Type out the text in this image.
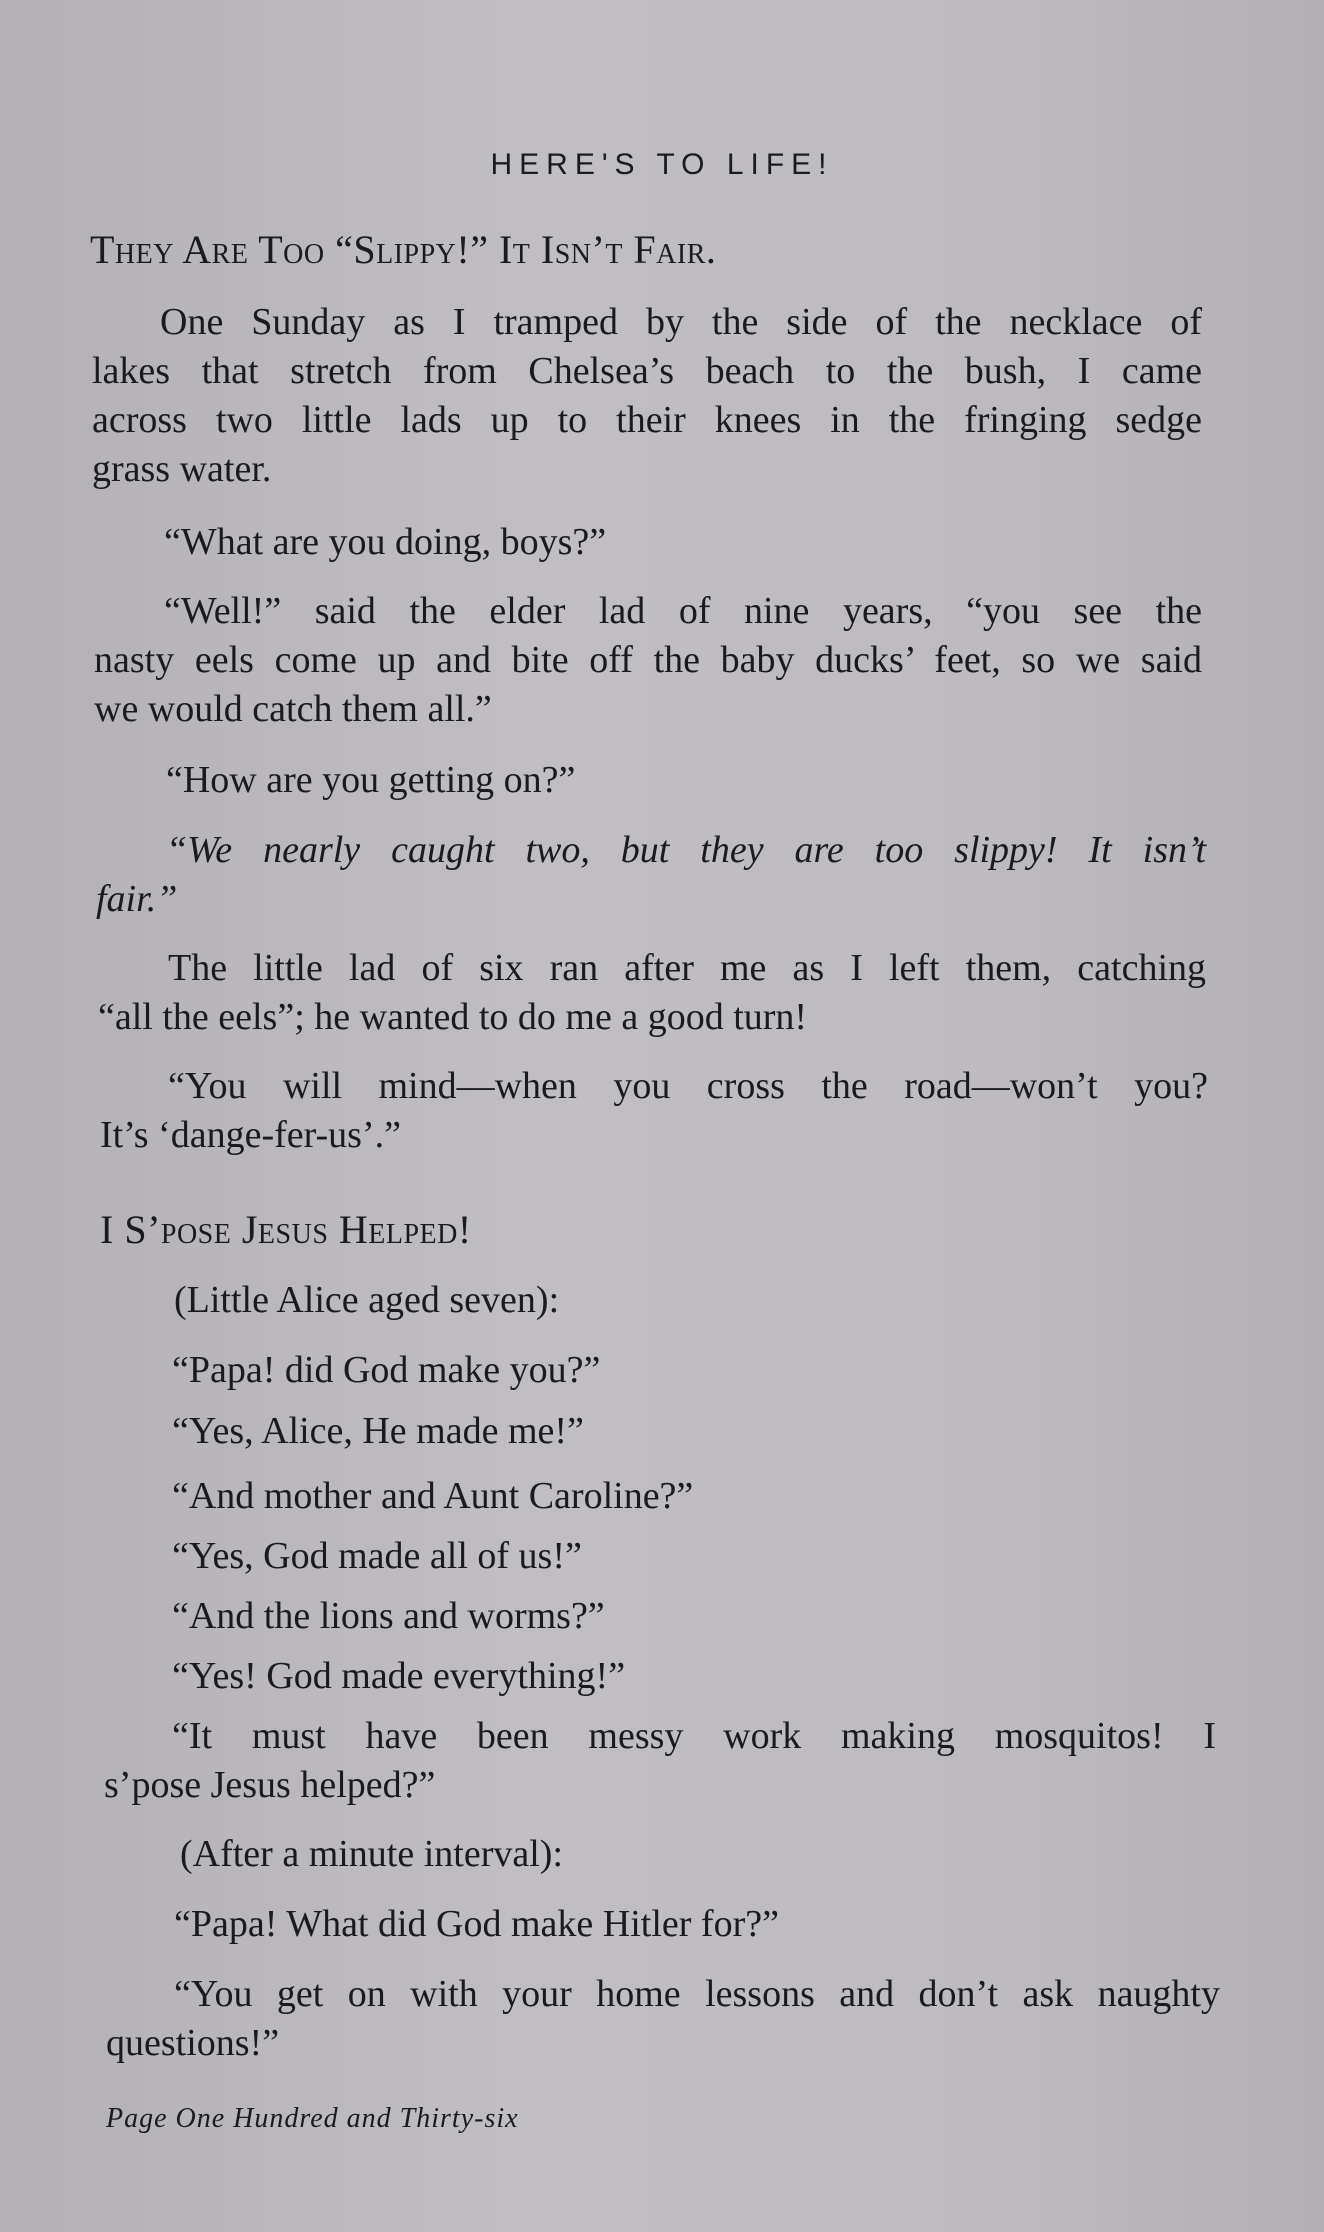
HERE'S TO LIFE!
They Are Too “Slippy!” It Isn’t Fair.
One Sunday as I tramped by the side of the necklace of
lakes that stretch from Chelsea’s beach to the bush, I came
across two little lads up to their knees in the fringing sedge
grass water.
“What are you doing, boys?”
“Well!” said the elder lad of nine years, “you see the
nasty eels come up and bite off the baby ducks’ feet, so we said
we would catch them all.”
“How are you getting on?”
“We nearly caught two, but they are too slippy! It isn’t
fair.”
The little lad of six ran after me as I left them, catching
“all the eels”; he wanted to do me a good turn!
“You will mind—when you cross the road—won’t you?
It’s ‘dange-fer-us’.”
I S’pose Jesus Helped!
(Little Alice aged seven):
“Papa! did God make you?”
“Yes, Alice, He made me!”
“And mother and Aunt Caroline?”
“Yes, God made all of us!”
“And the lions and worms?”
“Yes! God made everything!”
“It must have been messy work making mosquitos! I
s’pose Jesus helped?”
(After a minute interval):
“Papa! What did God make Hitler for?”
“You get on with your home lessons and don’t ask naughty
questions!”
Page One Hundred and Thirty-six
